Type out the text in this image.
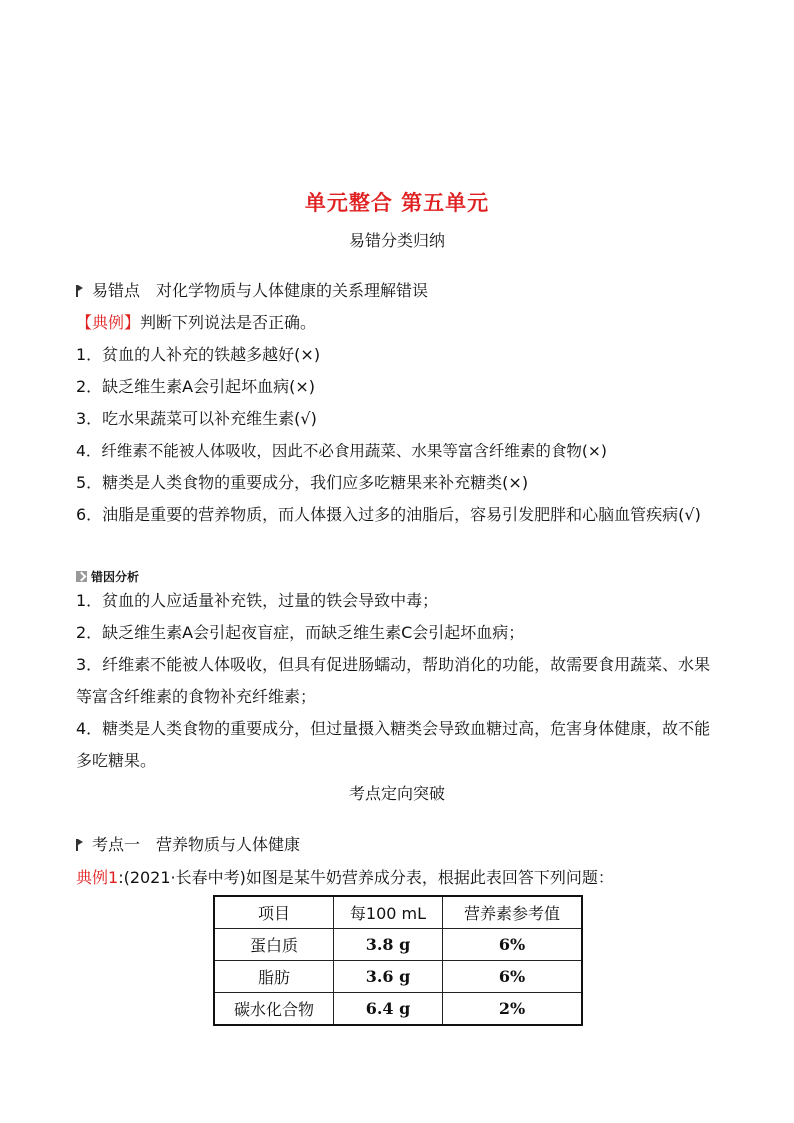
单元整合 第五单元
易错分类归纳
易错点 对化学物质与人体健康的关系理解错误
【典例】判断下列说法是否正确。
1．贫血的人补充的铁越多越好(×)
2．缺乏维生素A会引起坏血病(×)
3．吃水果蔬菜可以补充维生素(√)
4．纤维素不能被人体吸收，因此不必食用蔬菜、水果等富含纤维素的食物(×)
5．糖类是人类食物的重要成分，我们应多吃糖果来补充糖类(×)
6．油脂是重要的营养物质，而人体摄入过多的油脂后，容易引发肥胖和心脑血管疾病(√)
错因分析
1．贫血的人应适量补充铁，过量的铁会导致中毒；
2．缺乏维生素A会引起夜盲症，而缺乏维生素C会引起坏血病；
3．纤维素不能被人体吸收，但具有促进肠蠕动，帮助消化的功能，故需要食用蔬菜、水果等富含纤维素的食物补充纤维素；
4．糖类是人类食物的重要成分，但过量摄入糖类会导致血糖过高，危害身体健康，故不能多吃糖果。
考点定向突破
考点一 营养物质与人体健康
典例1:(2021·长春中考)如图是某牛奶营养成分表，根据此表回答下列问题：
项目	每100 mL	营养素参考值
蛋白质	3.8 g	6%
脂肪	3.6 g	6%
碳水化合物	6.4 g	2%
